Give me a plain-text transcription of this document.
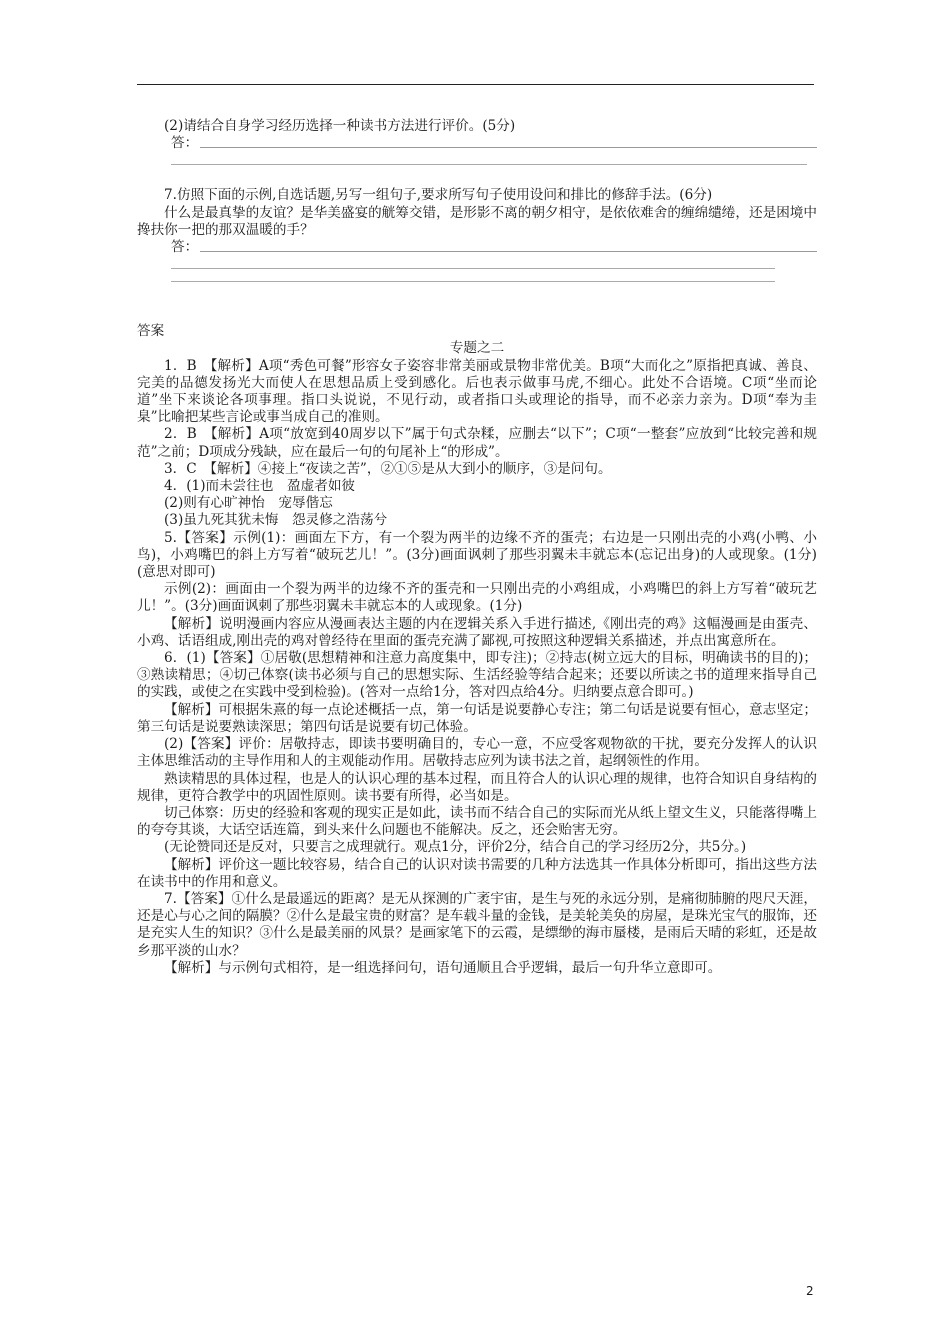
(2)请结合自身学习经历选择一种读书方法进行评价。(5分)

答：

7.仿照下面的示例,自选话题,另写一组句子,要求所写句子使用设问和排比的修辞手法。(6分)

什么是最真挚的友谊？是华美盛宴的觥筹交错，是形影不离的朝夕相守，是依依难舍的缠绵缱绻，还是困境中搀扶你一把的那双温暖的手？

答：

答案

专题之二

1．B　【解析】A项“秀色可餐”形容女子姿容非常美丽或景物非常优美。B项“大而化之”原指把真诚、善良、完美的品德发扬光大而使人在思想品质上受到感化。后也表示做事马虎,不细心。此处不合语境。C项“坐而论道”坐下来谈论各项事理。指口头说说，不见行动，或者指口头或理论的指导，而不必亲力亲为。D项“奉为圭臬”比喻把某些言论或事当成自己的准则。

2．B　【解析】A项“放宽到40周岁以下”属于句式杂糅，应删去“以下”；C项“一整套”应放到“比较完善和规范”之前；D项成分残缺，应在最后一句的句尾补上“的形成”。

3．C　【解析】④接上“夜读之苦”，②①⑤是从大到小的顺序，③是问句。

4．(1)而未尝往也　盈虚者如彼

(2)则有心旷神怡　宠辱偕忘

(3)虽九死其犹未悔　怨灵修之浩荡兮

5.【答案】示例(1)：画面左下方，有一个裂为两半的边缘不齐的蛋壳；右边是一只刚出壳的小鸡(小鸭、小鸟)，小鸡嘴巴的斜上方写着“破玩艺儿！”。(3分)画面讽刺了那些羽翼未丰就忘本(忘记出身)的人或现象。(1分)(意思对即可)

示例(2)：画面由一个裂为两半的边缘不齐的蛋壳和一只刚出壳的小鸡组成，小鸡嘴巴的斜上方写着“破玩艺儿！”。(3分)画面讽刺了那些羽翼未丰就忘本的人或现象。(1分)

【解析】说明漫画内容应从漫画表达主题的内在逻辑关系入手进行描述,《刚出壳的鸡》这幅漫画是由蛋壳、小鸡、话语组成,刚出壳的鸡对曾经待在里面的蛋壳充满了鄙视,可按照这种逻辑关系描述，并点出寓意所在。

6．(1)【答案】①居敬(思想精神和注意力高度集中，即专注)；②持志(树立远大的目标，明确读书的目的)；③熟读精思；④切己体察(读书必须与自己的思想实际、生活经验等结合起来；还要以所读之书的道理来指导自己的实践，或使之在实践中受到检验)。(答对一点给1分，答对四点给4分。归纳要点意合即可。)

【解析】可根据朱熹的每一点论述概括一点，第一句话是说要静心专注；第二句话是说要有恒心，意志坚定；第三句话是说要熟读深思；第四句话是说要有切己体验。

(2)【答案】评价：居敬持志，即读书要明确目的，专心一意，不应受客观物欲的干扰，要充分发挥人的认识主体思维活动的主导作用和人的主观能动作用。居敬持志应列为读书法之首，起纲领性的作用。

熟读精思的具体过程，也是人的认识心理的基本过程，而且符合人的认识心理的规律，也符合知识自身结构的规律，更符合教学中的巩固性原则。读书要有所得，必当如是。

切己体察：历史的经验和客观的现实正是如此，读书而不结合自己的实际而光从纸上望文生义，只能落得嘴上的夸夸其谈，大话空话连篇，到头来什么问题也不能解决。反之，还会贻害无穷。

(无论赞同还是反对，只要言之成理就行。观点1分，评价2分，结合自己的学习经历2分，共5分。)

【解析】评价这一题比较容易，结合自己的认识对读书需要的几种方法选其一作具体分析即可，指出这些方法在读书中的作用和意义。

7.【答案】①什么是最遥远的距离？是无从探测的广袤宇宙，是生与死的永远分别，是痛彻肺腑的咫尺天涯，还是心与心之间的隔膜？②什么是最宝贵的财富？是车载斗量的金钱，是美轮美奂的房屋，是珠光宝气的服饰，还是充实人生的知识？③什么是最美丽的风景？是画家笔下的云霞，是缥缈的海市蜃楼，是雨后天晴的彩虹，还是故乡那平淡的山水？

【解析】与示例句式相符，是一组选择问句，语句通顺且合乎逻辑，最后一句升华立意即可。

2
